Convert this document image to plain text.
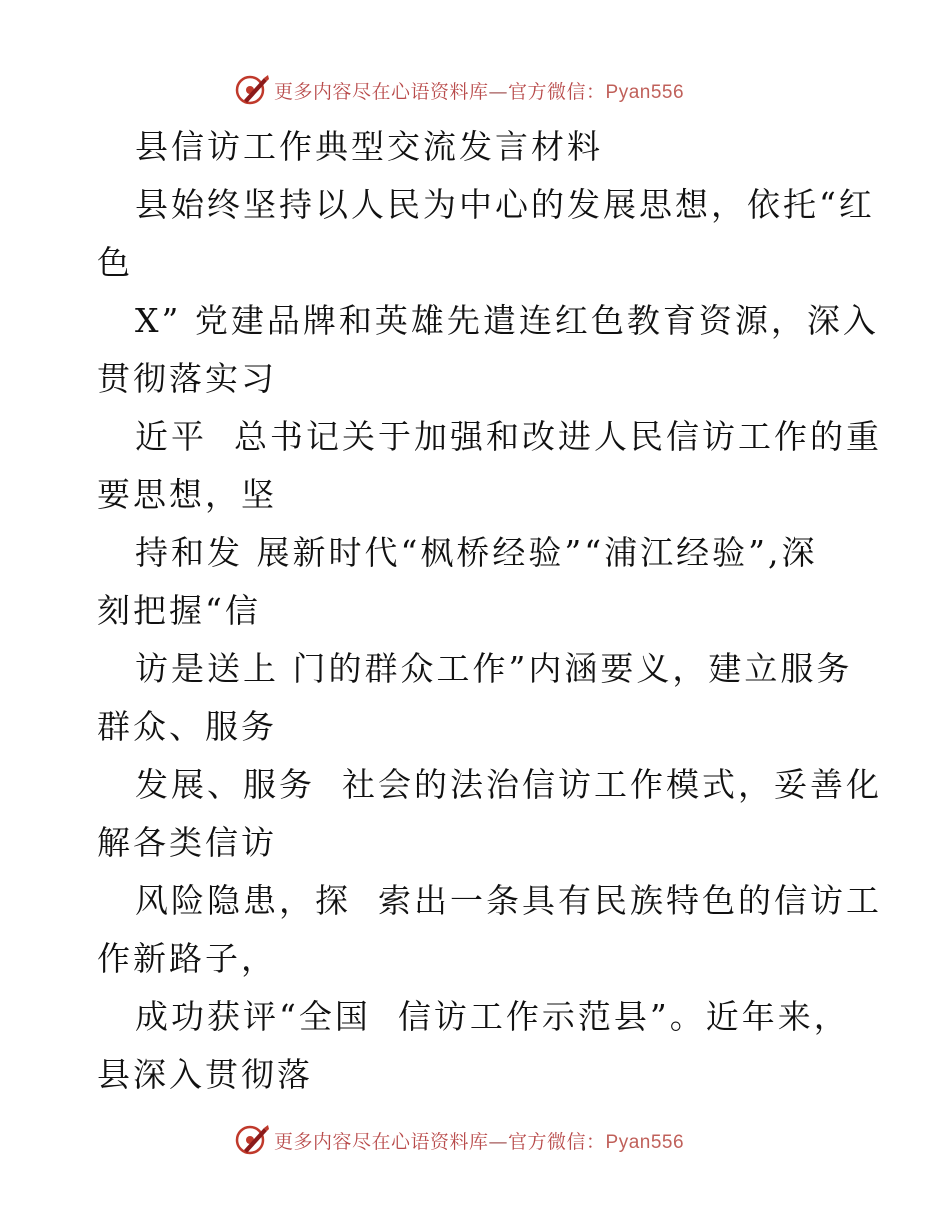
更多内容尽在心语资料库—官方微信：Pyan556
县信访工作典型交流发言材料
县始终坚持以人民为中心的发展思想，依托“红
色
X” 党建品牌和英雄先遣连红色教育资源，深入
贯彻落实习
近平  总书记关于加强和改进人民信访工作的重
要思想，坚
持和发 展新时代“枫桥经验”“浦江经验”,深
刻把握“信
访是送上 门的群众工作”内涵要义，建立服务
群众、服务
发展、服务  社会的法治信访工作模式，妥善化
解各类信访
风险隐患，探  索出一条具有民族特色的信访工
作新路子，
成功获评“全国  信访工作示范县”。近年来，
县深入贯彻落
更多内容尽在心语资料库—官方微信：Pyan556
